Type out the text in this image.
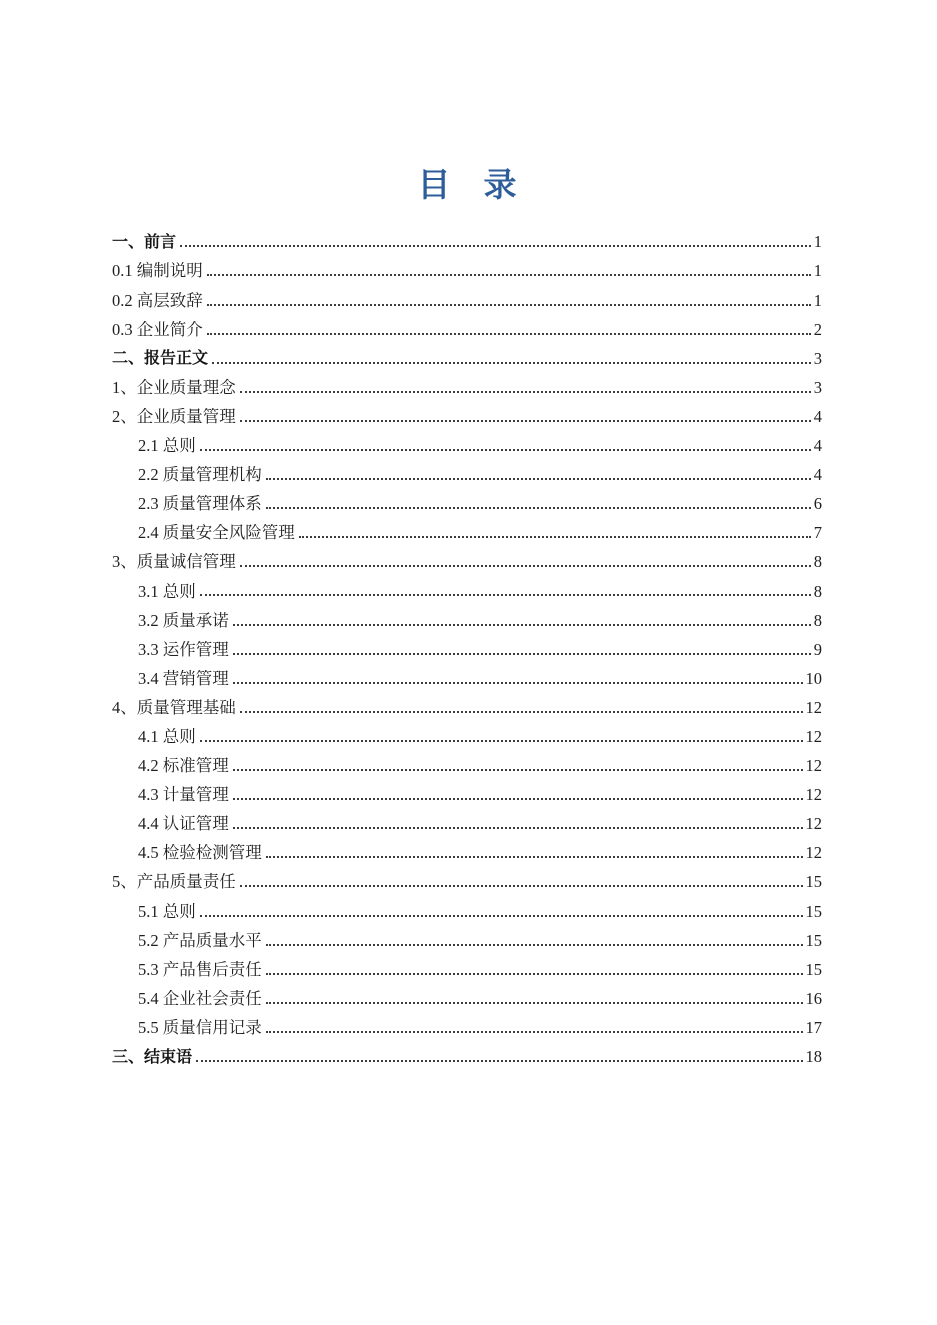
目　录
一、前言	1
0.1 编制说明	1
0.2 高层致辞	1
0.3 企业简介	2
二、报告正文	3
1、企业质量理念	3
2、企业质量管理	4
2.1 总则	4
2.2 质量管理机构	4
2.3 质量管理体系	6
2.4 质量安全风险管理	7
3、质量诚信管理	8
3.1 总则	8
3.2 质量承诺	8
3.3 运作管理	9
3.4 营销管理	10
4、质量管理基础	12
4.1 总则	12
4.2 标准管理	12
4.3 计量管理	12
4.4 认证管理	12
4.5 检验检测管理	12
5、产品质量责任	15
5.1 总则	15
5.2 产品质量水平	15
5.3 产品售后责任	15
5.4 企业社会责任	16
5.5 质量信用记录	17
三、结束语	18
